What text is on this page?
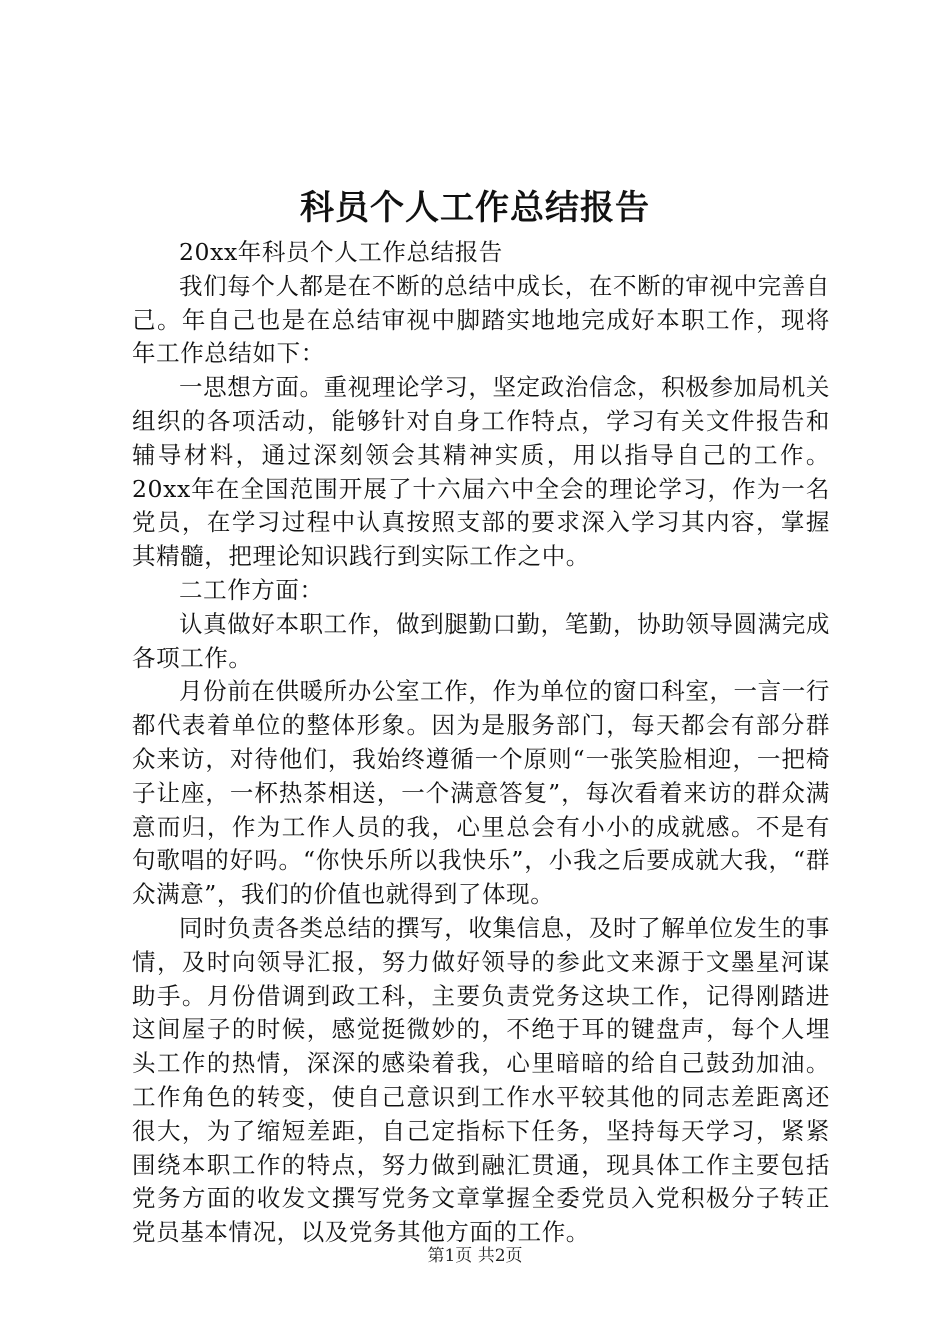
科员个人工作总结报告

20xx年科员个人工作总结报告

我们每个人都是在不断的总结中成长，在不断的审视中完善自己。年自己也是在总结审视中脚踏实地地完成好本职工作，现将年工作总结如下：

一思想方面。重视理论学习，坚定政治信念，积极参加局机关组织的各项活动，能够针对自身工作特点，学习有关文件报告和辅导材料，通过深刻领会其精神实质，用以指导自己的工作。20xx年在全国范围开展了十六届六中全会的理论学习，作为一名党员，在学习过程中认真按照支部的要求深入学习其内容，掌握其精髓，把理论知识践行到实际工作之中。

二工作方面：

认真做好本职工作，做到腿勤口勤，笔勤，协助领导圆满完成各项工作。

月份前在供暖所办公室工作，作为单位的窗口科室，一言一行都代表着单位的整体形象。因为是服务部门，每天都会有部分群众来访，对待他们，我始终遵循一个原则“一张笑脸相迎，一把椅子让座，一杯热茶相送，一个满意答复”，每次看着来访的群众满意而归，作为工作人员的我，心里总会有小小的成就感。不是有句歌唱的好吗。“你快乐所以我快乐”，小我之后要成就大我，“群众满意”，我们的价值也就得到了体现。

同时负责各类总结的撰写，收集信息，及时了解单位发生的事情，及时向领导汇报，努力做好领导的参此文来源于文墨星河谋助手。月份借调到政工科，主要负责党务这块工作，记得刚踏进这间屋子的时候，感觉挺微妙的，不绝于耳的键盘声，每个人埋头工作的热情，深深的感染着我，心里暗暗的给自己鼓劲加油。工作角色的转变，使自己意识到工作水平较其他的同志差距离还很大，为了缩短差距，自己定指标下任务，坚持每天学习，紧紧围绕本职工作的特点，努力做到融汇贯通，现具体工作主要包括党务方面的收发文撰写党务文章掌握全委党员入党积极分子转正党员基本情况，以及党务其他方面的工作。

第1页 共2页
